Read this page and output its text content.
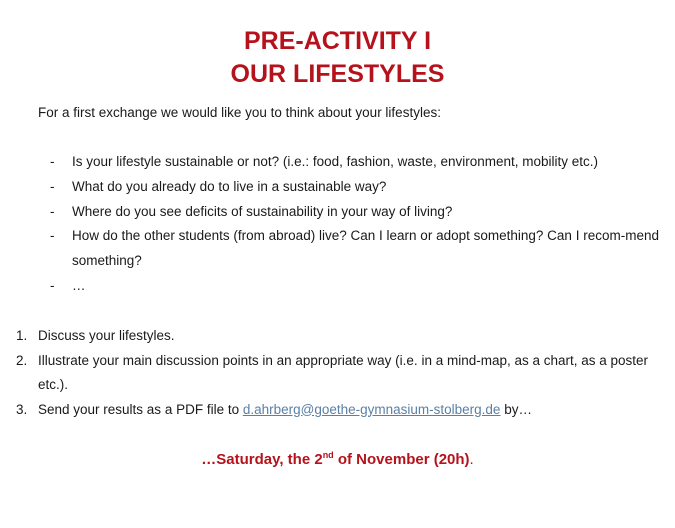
PRE-ACTIVITY I
OUR LIFESTYLES

For a first exchange we would like you to think about your lifestyles:

- Is your lifestyle sustainable or not? (i.e.: food, fashion, waste, environment, mobility etc.)
- What do you already do to live in a sustainable way?
- Where do you see deficits of sustainability in your way of living?
- How do the other students (from abroad) live? Can I learn or adopt something? Can I recom-mend something?
- …
1. Discuss your lifestyles.
2. Illustrate your main discussion points in an appropriate way (i.e. in a mind-map, as a chart, as a poster etc.).
3. Send your results as a PDF file to d.ahrberg@goethe-gymnasium-stolberg.de by…

…Saturday, the 2nd of November (20h).
